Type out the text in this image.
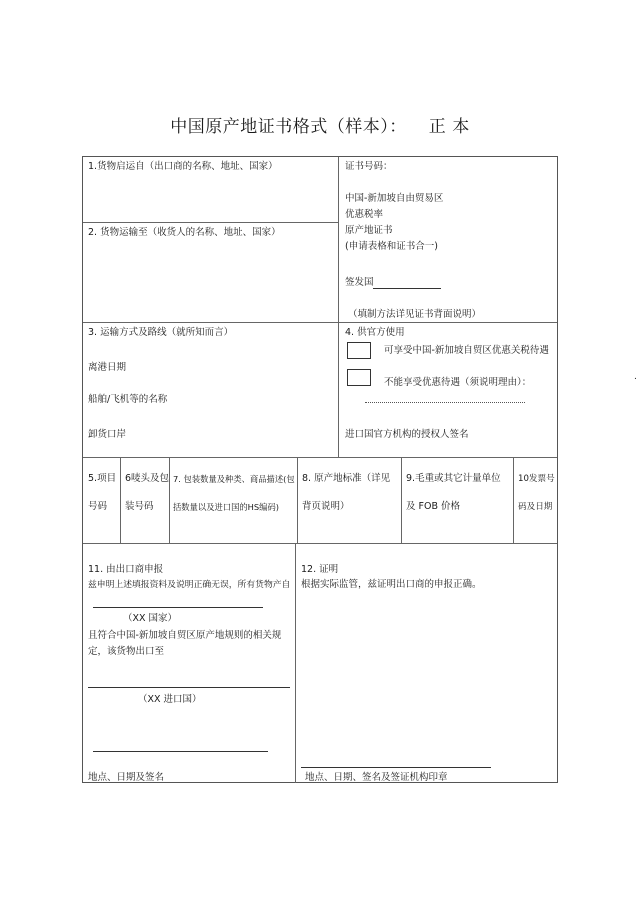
中国原产地证书格式（样本）： 正 本
1.货物启运自（出口商的名称、地址、国家）
2. 货物运输至（收货人的名称、地址、国家）
证书号码：
中国-新加坡自由贸易区
优惠税率
原产地证书
(申请表格和证书合一)
签发国
（填制方法详见证书背面说明）
3. 运输方式及路线（就所知而言）
离港日期
船舶/飞机等的名称
卸货口岸
4. 供官方使用
可享受中国-新加坡自贸区优惠关税待遇
不能享受优惠待遇（须说明理由）：
进口国官方机构的授权人签名
5.项目
号码
6唛头及包
装号码
7. 包装数量及种类、商品描述(包
括数量以及进口国的HS编码)
8. 原产地标准（详见
背页说明）
9.毛重或其它计量单位
及 FOB 价格
10发票号
码及日期
11. 由出口商申报
兹申明上述填报资料及说明正确无误，所有货物产自
（XX 国家）
且符合中国-新加坡自贸区原产地规则的相关规
定，该货物出口至
（XX 进口国）
地点、日期及签名
12. 证明
根据实际监管，兹证明出口商的申报正确。
地点、日期、签名及签证机构印章
.
